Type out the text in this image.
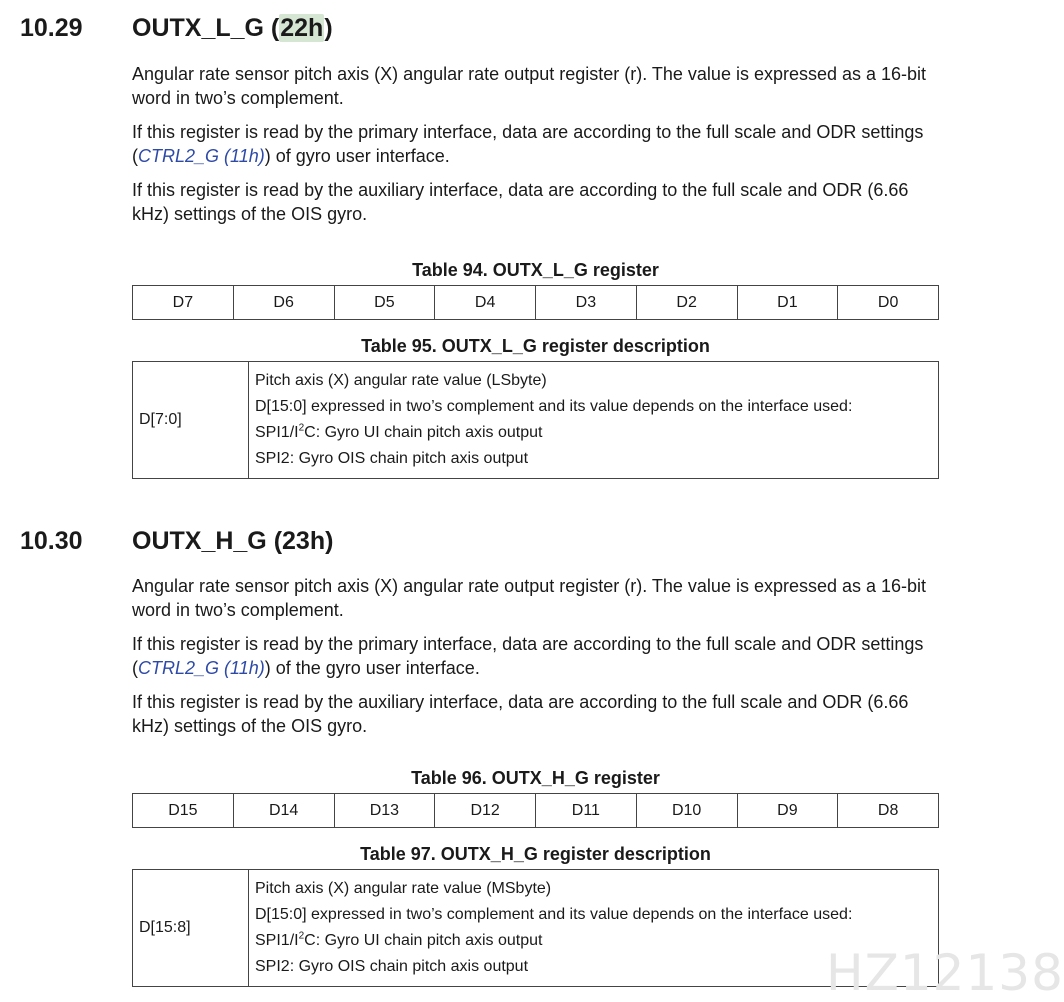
10.29 OUTX_L_G (22h)

Angular rate sensor pitch axis (X) angular rate output register (r). The value is expressed as a 16-bit word in two’s complement.

If this register is read by the primary interface, data are according to the full scale and ODR settings (CTRL2_G (11h)) of gyro user interface.

If this register is read by the auxiliary interface, data are according to the full scale and ODR (6.66 kHz) settings of the OIS gyro.

Table 94. OUTX_L_G register
D7	D6	D5	D4	D3	D2	D1	D0
Table 95. OUTX_L_G register description
D[7:0]	
Pitch axis (X) angular rate value (LSbyte)
D[15:0] expressed in two’s complement and its value depends on the interface used:
$SPI1/I^2C$: Gyro UI chain pitch axis output
SPI2: Gyro OIS chain pitch axis output
10.30 OUTX_H_G (23h)

Angular rate sensor pitch axis (X) angular rate output register (r). The value is expressed as a 16-bit word in two’s complement.

If this register is read by the primary interface, data are according to the full scale and ODR settings (CTRL2_G (11h)) of the gyro user interface.

If this register is read by the auxiliary interface, data are according to the full scale and ODR (6.66 kHz) settings of the OIS gyro.

Table 96. OUTX_H_G register
D15	D14	D13	D12	D11	D10	D9	D8
Table 97. OUTX_H_G register description
D[15:8]	
Pitch axis (X) angular rate value (MSbyte)
D[15:0] expressed in two’s complement and its value depends on the interface used:
$SPI1/I^2C$: Gyro UI chain pitch axis output
SPI2: Gyro OIS chain pitch axis output	HZ12138
